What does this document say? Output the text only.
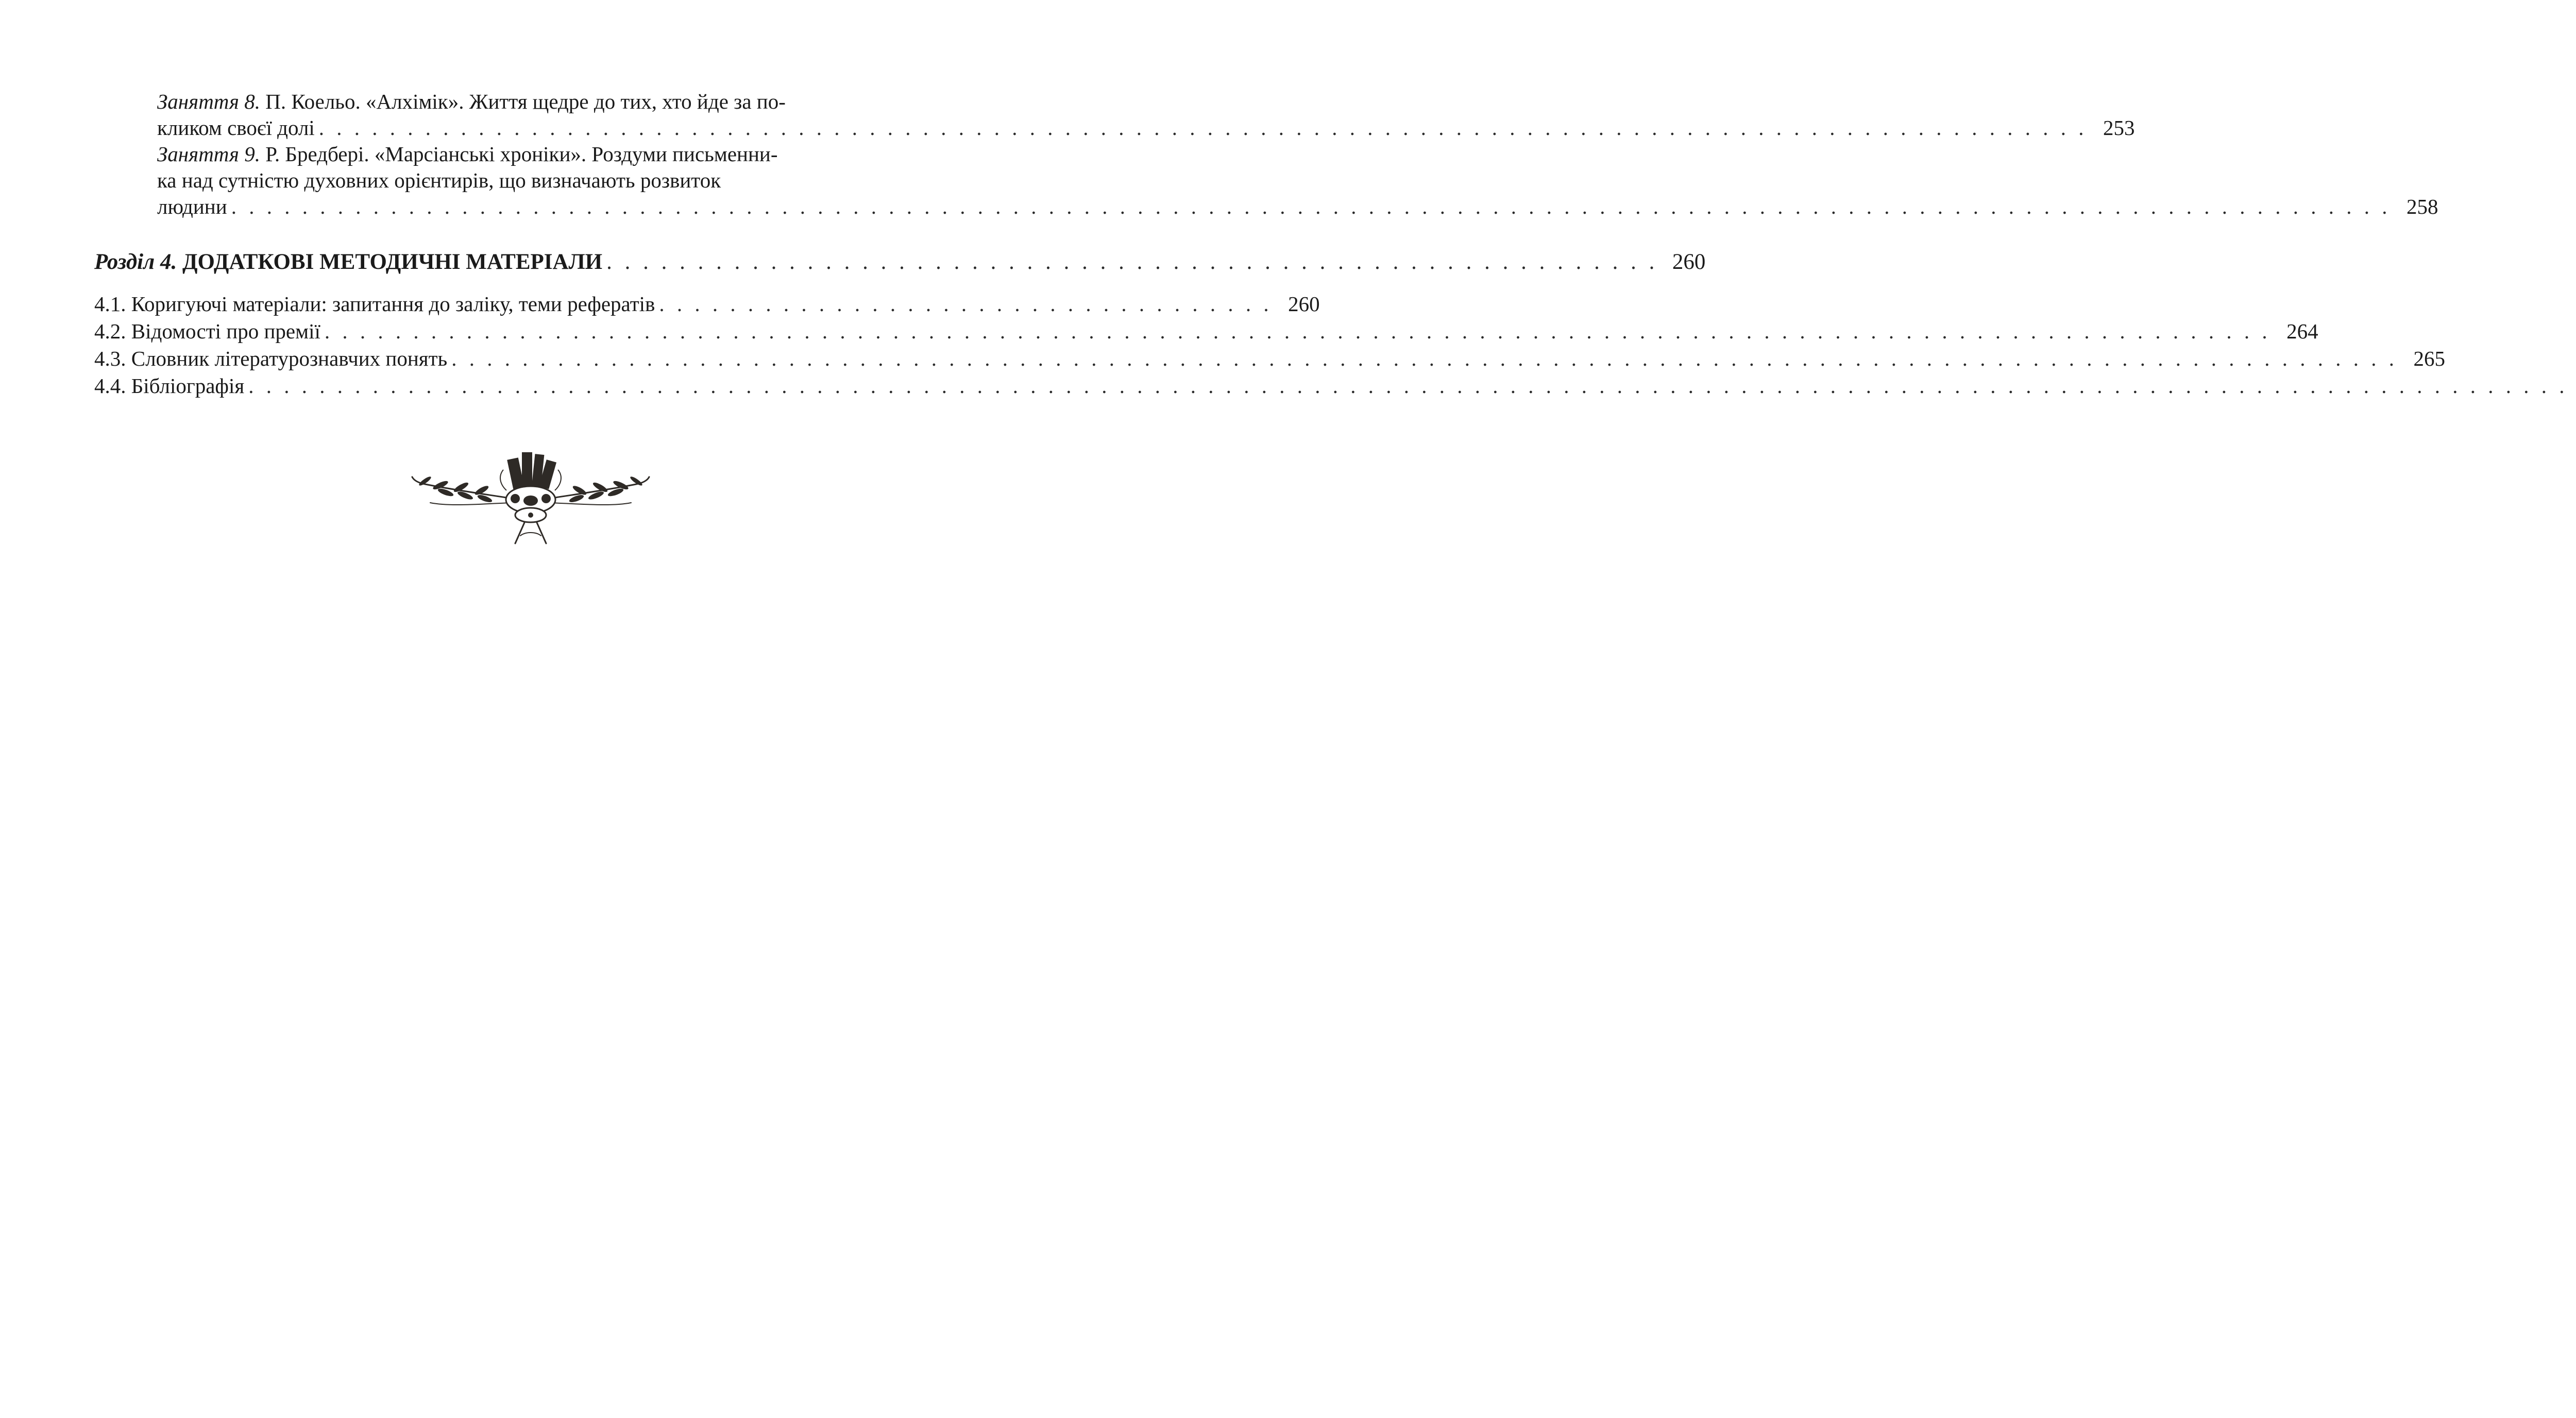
Заняття 8. П. Коельо. «Алхімік». Життя щедре до тих, хто йде за по-
кликом своєї долі . . . . . . . . . . . . . . . . . . . . . . . . . . . . . . . . . . . . . . . . . . . . . . . . . . . . . . . . . . . . . . . . . . . . . . . . . . . . . . . . . . . . . . . . . . . . . . . . . . . . 253
Заняття 9. Р. Бредбері. «Марсіанські хроніки». Роздуми письменни-
ка над сутністю духовних орієнтирів, що визначають розвиток
людини . . . . . . . . . . . . . . . . . . . . . . . . . . . . . . . . . . . . . . . . . . . . . . . . . . . . . . . . . . . . . . . . . . . . . . . . . . . . . . . . . . . . . . . . . . . . . . . . . . . . . . . . . . . . . . . . . . . . . . . . . . 258
Розділ 4. ДОДАТКОВІ МЕТОДИЧНІ МАТЕРІАЛИ . . . . . . . . . . . . . . . . . . . . . . . . . . . . . . . . . . . . . . . . . . . . . . . . . . . . . . . . . . 260
4.1. Коригуючі матеріали: запитання до заліку, теми рефератів . . . . . . . . . . . . . . . . . . . . . . . . . . . . . . . . . . . 260
4.2. Відомості про премії . . . . . . . . . . . . . . . . . . . . . . . . . . . . . . . . . . . . . . . . . . . . . . . . . . . . . . . . . . . . . . . . . . . . . . . . . . . . . . . . . . . . . . . . . . . . . . . . . . . . . . . . . . . . . . 264
4.3. Словник літературознавчих понять . . . . . . . . . . . . . . . . . . . . . . . . . . . . . . . . . . . . . . . . . . . . . . . . . . . . . . . . . . . . . . . . . . . . . . . . . . . . . . . . . . . . . . . . . . . . . . . . . . . . . . . . . . . . . . 265
4.4. Бібліографія . . . . . . . . . . . . . . . . . . . . . . . . . . . . . . . . . . . . . . . . . . . . . . . . . . . . . . . . . . . . . . . . . . . . . . . . . . . . . . . . . . . . . . . . . . . . . . . . . . . . . . . . . . . . . . . . . . . . . . . . . . . . . . . . . . .
